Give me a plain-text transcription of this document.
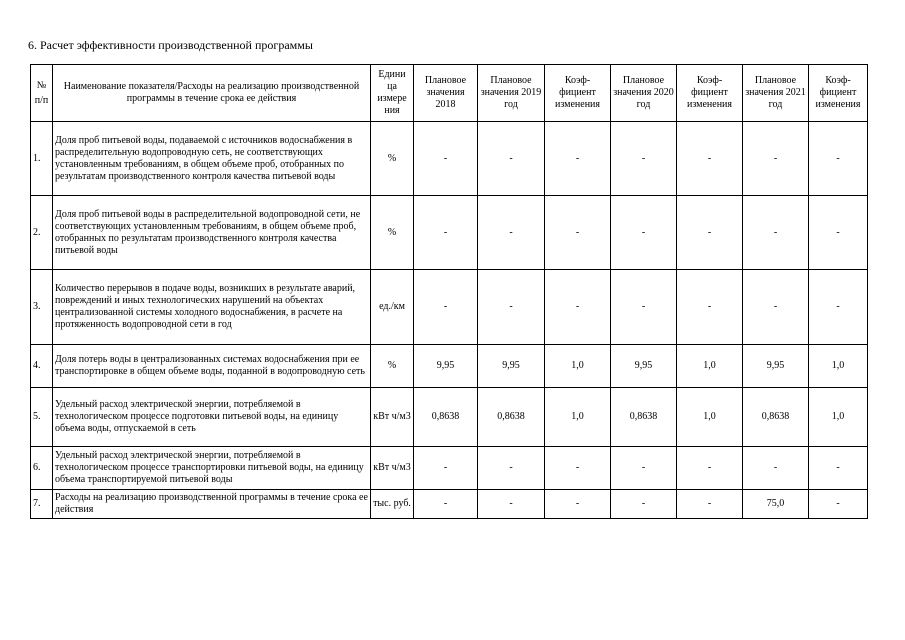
6. Расчет эффективности производственной программы
№ п/п	Наименование показателя/Расходы на реализацию производственной программы в течение срока ее действия	Едини ца измере ния	Плановое значения 2018	Плановое значения 2019 год	Коэф-фициент изменения	Плановое значения 2020 год	Коэф-фициент изменения	Плановое значения 2021 год	Коэф-фициент изменения
1.	Доля проб питьевой воды, подаваемой с источников водоснабжения в распределительную водопроводную сеть, не соответствующих установленным требованиям, в общем объеме проб, отобранных по результатам производственного контроля качества питьевой воды	%	-	-	-	-	-	-	-
2.	Доля проб питьевой воды в распределительной водопроводной сети, не соответствующих установленным требованиям, в общем объеме проб, отобранных по результатам производственного контроля качества питьевой воды	%	-	-	-	-	-	-	-
3.	Количество перерывов в подаче воды, возникших в результате аварий, повреждений и иных технологических нарушений на объектах централизованной системы холодного водоснабжения, в расчете на протяженность водопроводной сети в год	ед./км	-	-	-	-	-	-	-
4.	Доля потерь воды в централизованных системах водоснабжения при ее транспортировке в общем объеме воды, поданной в водопроводную сеть	%	9,95	9,95	1,0	9,95	1,0	9,95	1,0
5.	Удельный расход электрической энергии, потребляемой в технологическом процессе подготовки питьевой воды, на единицу объема воды, отпускаемой в сеть	кВт ч/м3	0,8638	0,8638	1,0	0,8638	1,0	0,8638	1,0
6.	Удельный расход электрической энергии, потребляемой в технологическом процессе транспортировки питьевой воды, на единицу объема транспортируемой питьевой воды	кВт ч/м3	-	-	-	-	-	-	-
7.	Расходы на реализацию производственной программы в течение срока ее действия	тыс. руб.	-	-	-	-	-	75,0	-
